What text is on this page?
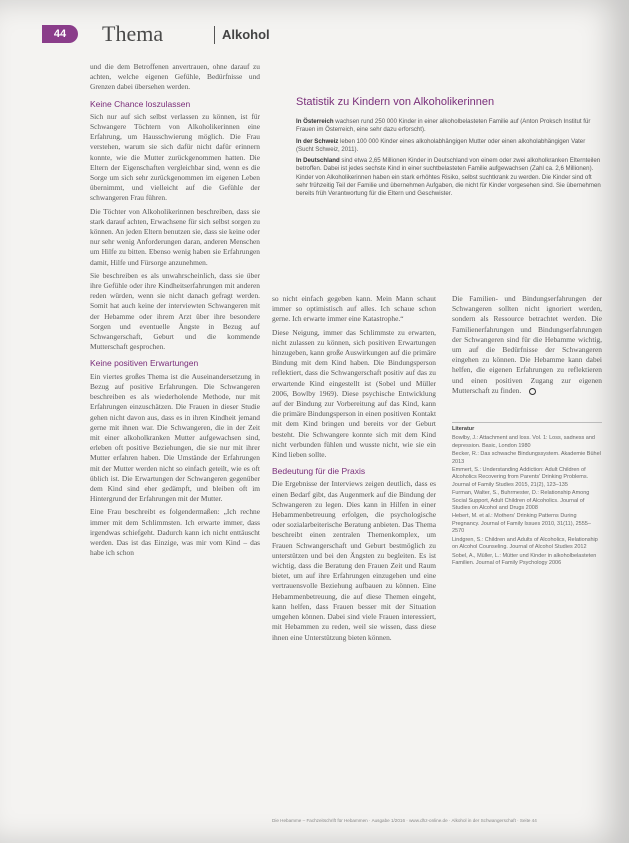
44	Thema	Alkohol

und die dem Betroffenen anvertrauen, ohne darauf zu achten, welche eigenen Gefühle, Bedürfnisse und Grenzen dabei übersehen werden.

Keine Chance loszulassen

Sich nur auf sich selbst verlassen zu können, ist für Schwangere Töchtern von Alkoholikerinnen eine Erfahrung, um Hausschwierung möglich. Die Frau verstehen, warum sie sich dafür nicht dafür erinnern konnte, wie die Mutter zurückgenommen hatten. Die Eltern der Eigenschaften vergleichbar sind, wenn es die Sorge um sich sehr zurückgenommen im eigenen Leben übernimmt, und vielleicht auf die Gefühle der schwangeren Frau führen.

Die Töchter von Alkoholikerinnen beschreiben, dass sie stark darauf achten, Erwachsene für sich selbst sorgen zu können. An jeden Eltern benutzen sie, dass sie keine oder nur sehr wenig Anforderungen daran, anderen Menschen um Hilfe zu bitten. Ebenso wenig haben sie Erfahrungen damit, Hilfe und Fürsorge anzunehmen.

Sie beschreiben es als unwahrscheinlich, dass sie über ihre Gefühle oder ihre Kindheitserfahrungen mit anderen reden würden, wenn sie nicht danach gefragt werden. Somit hat auch keine der interviewten Schwangeren mit der Hebamme oder ihrem Arzt über ihre besondere Sorgen und eventuelle Ängste in Bezug auf Schwangerschaft, Geburt und die kommende Mutterschaft gesprochen.

Keine positiven Erwartungen

Ein viertes großes Thema ist die Auseinandersetzung in Bezug auf positive Erfahrungen. Die Schwangeren beschreiben es als wiederholende Methode, nur mit Erfahrungen einzuschätzen. Die Frauen in dieser Studie gehen nicht davon aus, dass es in ihren Kindheit jemand gerne mit ihnen war. Die Schwangeren, die in der Zeit mit einer alkoholkranken Mutter aufgewachsen sind, erleben oft positive Beziehungen, die sie nur mit ihrer Mutter erfahren haben. Die Umstände der Erfahrungen mit der Mutter werden nicht so einfach geteilt, wie es oft üblich ist. Die Erwartungen der Schwangeren gegenüber dem Kind sind eher gedämpft, und bleiben oft im Hintergrund der Erfahrungen mit der Mutter.

Eine Frau beschreibt es folgendermaßen: „Ich rechne immer mit dem Schlimmsten. Ich erwarte immer, dass irgendwas schiefgeht. Dadurch kann ich nicht enttäuscht werden. Das ist das Einzige, was mir vom Kind – das habe ich schon

Statistik zu Kindern von Alkoholikerinnen

In Österreich wachsen rund 250 000 Kinder in einer alkoholbelasteten Familie auf (Anton Proksch Institut für Frauen im Österreich, eine sehr dazu erforscht).

In der Schweiz leben 100 000 Kinder eines alkoholabhängigen Mutter oder einen alkoholabhängigen Vater (Sucht Schweiz, 2011).

In Deutschland sind etwa 2,65 Millionen Kinder in Deutschland von einem oder zwei alkoholkranken Elternteilen betroffen. Dabei ist jedes sechste Kind in einer suchtbelasteten Familie aufgewachsen (Zahl ca. 2,6 Millionen). Kinder von Alkoholikerinnen haben ein stark erhöhtes Risiko, selbst suchtkrank zu werden. Die Kinder sind oft sehr frühzeitig Teil der Familie und übernehmen Aufgaben, die nicht für Kinder vorgesehen sind. Sie übernehmen bereits früh Verantwortung für die Eltern und Geschwister.

so nicht einfach gegeben kann. Mein Mann schaut immer so optimistisch auf alles. Ich schaue schon gerne. Ich erwarte immer eine Katastrophe.“

Diese Neigung, immer das Schlimmste zu erwarten, nicht zulassen zu können, sich positiven Erwartungen hinzugeben, kann große Auswirkungen auf die primäre Bindung mit dem Kind haben. Die Bindungsperson reflektiert, dass die Schwangerschaft positiv auf das zu erwartende Kind eingestellt ist (Sobel und Müller 2006, Bowlby 1969). Diese psychische Entwicklung auf der Bindung zur Vorbereitung auf das Kind, kann die primäre Bindungsperson in einen positiven Kontakt mit dem Kind bringen und bereits vor der Geburt besteht. Die Schwangere konnte sich mit dem Kind nicht verbunden fühlen und wusste nicht, wie sie ein Kind lieben sollte.

Bedeutung für die Praxis

Die Ergebnisse der Interviews zeigen deutlich, dass es einen Bedarf gibt, das Augenmerk auf die Bindung der Schwangeren zu legen. Dies kann in Hilfen in einer Hebammenbetreuung erfolgen, die psychologische oder sozialarbeiterische Beratung anbieten. Das Thema beschreibt einen zentralen Themenkomplex, um Frauen Schwangerschaft und Geburt bestmöglich zu unterstützen und bei den Ängsten zu begleiten. Es ist wichtig, dass die Beratung den Frauen Zeit und Raum bietet, um auf ihre Erfahrungen einzugehen und eine vertrauensvolle Beziehung aufbauen zu können. Eine Hebammenbetreuung, die auf diese Themen eingeht, kann helfen, dass Frauen besser mit der Situation umgehen können. Dabei sind viele Frauen interessiert, mit Hebammen zu reden, weil sie wissen, dass diese ihnen eine Unterstützung bieten können.

Die Familien- und Bindungserfahrungen der Schwangeren sollten nicht ignoriert werden, sondern als Ressource betrachtet werden. Die Familienerfahrungen und Bindungserfahrungen der Schwangeren sind für die Hebamme wichtig, um auf die Bedürfnisse der Schwangeren eingehen zu können. Die Hebamme kann dabei helfen, die eigenen Erfahrungen zu reflektieren und einen positiven Zugang zur eigenen Mutterschaft zu finden.

Literatur

Bowlby, J.: Attachment and loss. Vol. 1: Loss, sadness and depression. Basic, London 1980

Becker, R.: Das schwache Bindungssystem. Akademie Bühel 2013

Emmert, S.: Understanding Addiction: Adult Children of Alcoholics Recovering from Parents' Drinking Problems. Journal of Family Studies 2015, 21(2), 123–135

Furman, Walter, S., Buhrmester, D.: Relationship Among Social Support, Adult Children of Alcoholics. Journal of Studies on Alcohol and Drugs 2008

Hebert, M. et al.: Mothers' Drinking Patterns During Pregnancy. Journal of Family Issues 2010, 31(11), 2555–2570

Lindgren, S.: Children and Adults of Alcoholics, Relationship on Alcohol Counseling. Journal of Alcohol Studies 2012

Sobel, A., Müller, L.: Mütter und Kinder in alkoholbelasteten Familien. Journal of Family Psychology 2006

Die Hebamme – Fachzeitschrift für Hebammen · Ausgabe 1/2016 · www.dhz-online.de · Alkohol in der Schwangerschaft · Seite 44
